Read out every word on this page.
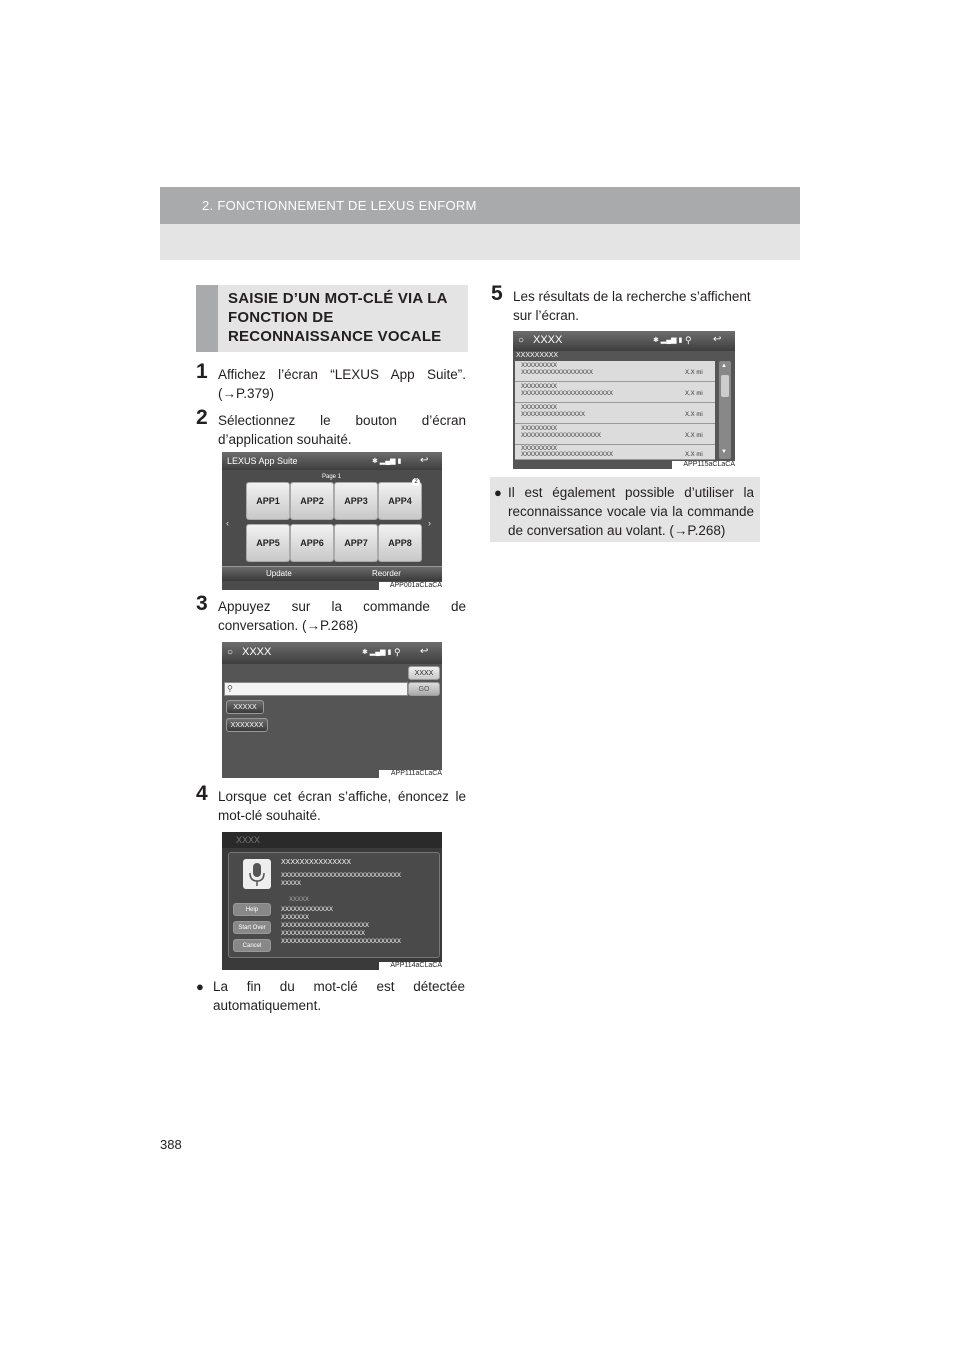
2. FONCTIONNEMENT DE LEXUS ENFORM
SAISIE D’UN MOT-CLÉ VIA LA FONCTION DE RECONNAISSANCE VOCALE
1 Affichez l’écran “LEXUS App Suite”.
(→P.379)
2 Sélectionnez le bouton d’écran
d’application souhaité.
LEXUS App Suite	✱ ▂▄▆ ▮ ↩
Page 1
‹	›
APP1	APP2	APP3	APP4
2
APP5	APP6	APP7	APP8
Update	Reorder
APP001aCLaCA
3 Appuyez sur la commande de
conversation. (→P.268)
○ XXXX	✱ ▂▄▆ ▮ ⚲ ↩
XXXX
⚲	GO
XXXXX
XXXXXXX
APP111aCLaCA
4 Lorsque cet écran s’affiche, énoncez le
mot-clé souhaité.
XXXX
XXXXXXXXXXXXXXX
XXXXXXXXXXXXXXXXXXXXXXXXXXXXXX
XXXXX
XXXXX
XXXXXXXXXXXXX
XXXXXXX
XXXXXXXXXXXXXXXXXXXXXX
XXXXXXXXXXXXXXXXXXXXX
XXXXXXXXXXXXXXXXXXXXXXXXXXXXXX
Help
Start Over
Cancel
APP114aCLaCA
● La fin du mot-clé est détectée
automatiquement.
5 Les résultats de la recherche s’affichent
sur l’écran.
○ XXXX	✱ ▂▄▆ ▮ ⚲ ↩
XXXXXXXXX
XXXXXXXXX
XXXXXXXXXXXXXXXXXX	X.X mi
XXXXXXXXX
XXXXXXXXXXXXXXXXXXXXXXX	X.X mi
XXXXXXXXX
XXXXXXXXXXXXXXXX	X.X mi
XXXXXXXXX
XXXXXXXXXXXXXXXXXXXX	X.X mi
XXXXXXXXX
XXXXXXXXXXXXXXXXXXXXXXX	X.X mi
▲
▼
APP115aCLaCA
● Il est également possible d’utiliser la
reconnaissance vocale via la commande
de conversation au volant. (→P.268)
388
